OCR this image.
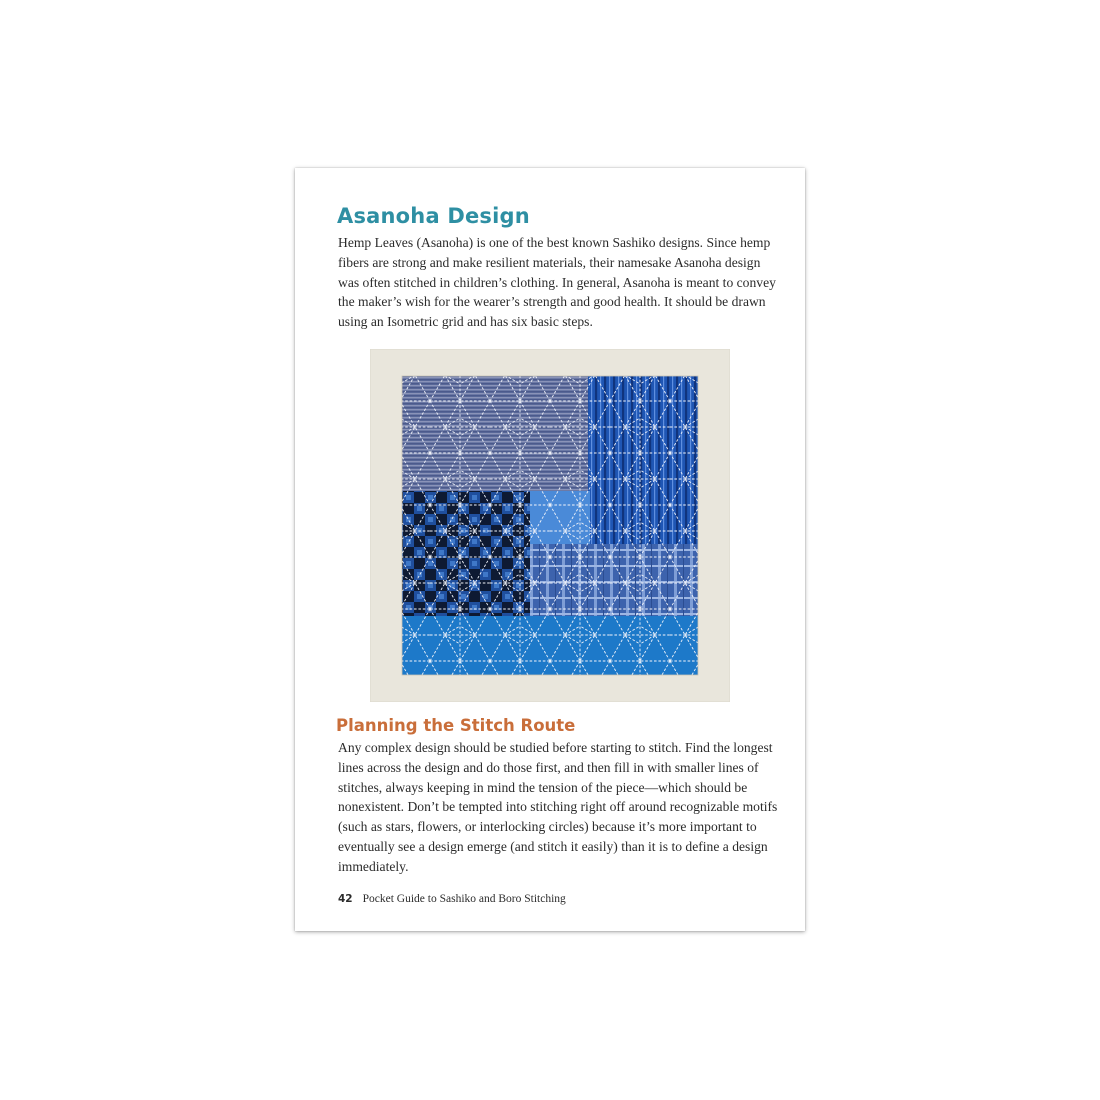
Asanoha Design

Hemp Leaves (Asanoha) is one of the best known Sashiko designs. Since hemp fibers are strong and make resilient materials, their namesake Asanoha design was often stitched in children’s clothing. In general, Asanoha is meant to convey the maker’s wish for the wearer’s strength and good health. It should be drawn using an Isometric grid and has six basic steps.

Planning the Stitch Route

Any complex design should be studied before starting to stitch. Find the longest lines across the design and do those first, and then fill in with smaller lines of stitches, always keeping in mind the tension of the piece—which should be nonexistent. Don’t be tempted into stitching right off around recognizable motifs (such as stars, flowers, or interlocking circles) because it’s more important to eventually see a design emerge (and stitch it easily) than it is to define a design immediately.

42 Pocket Guide to Sashiko and Boro Stitching
